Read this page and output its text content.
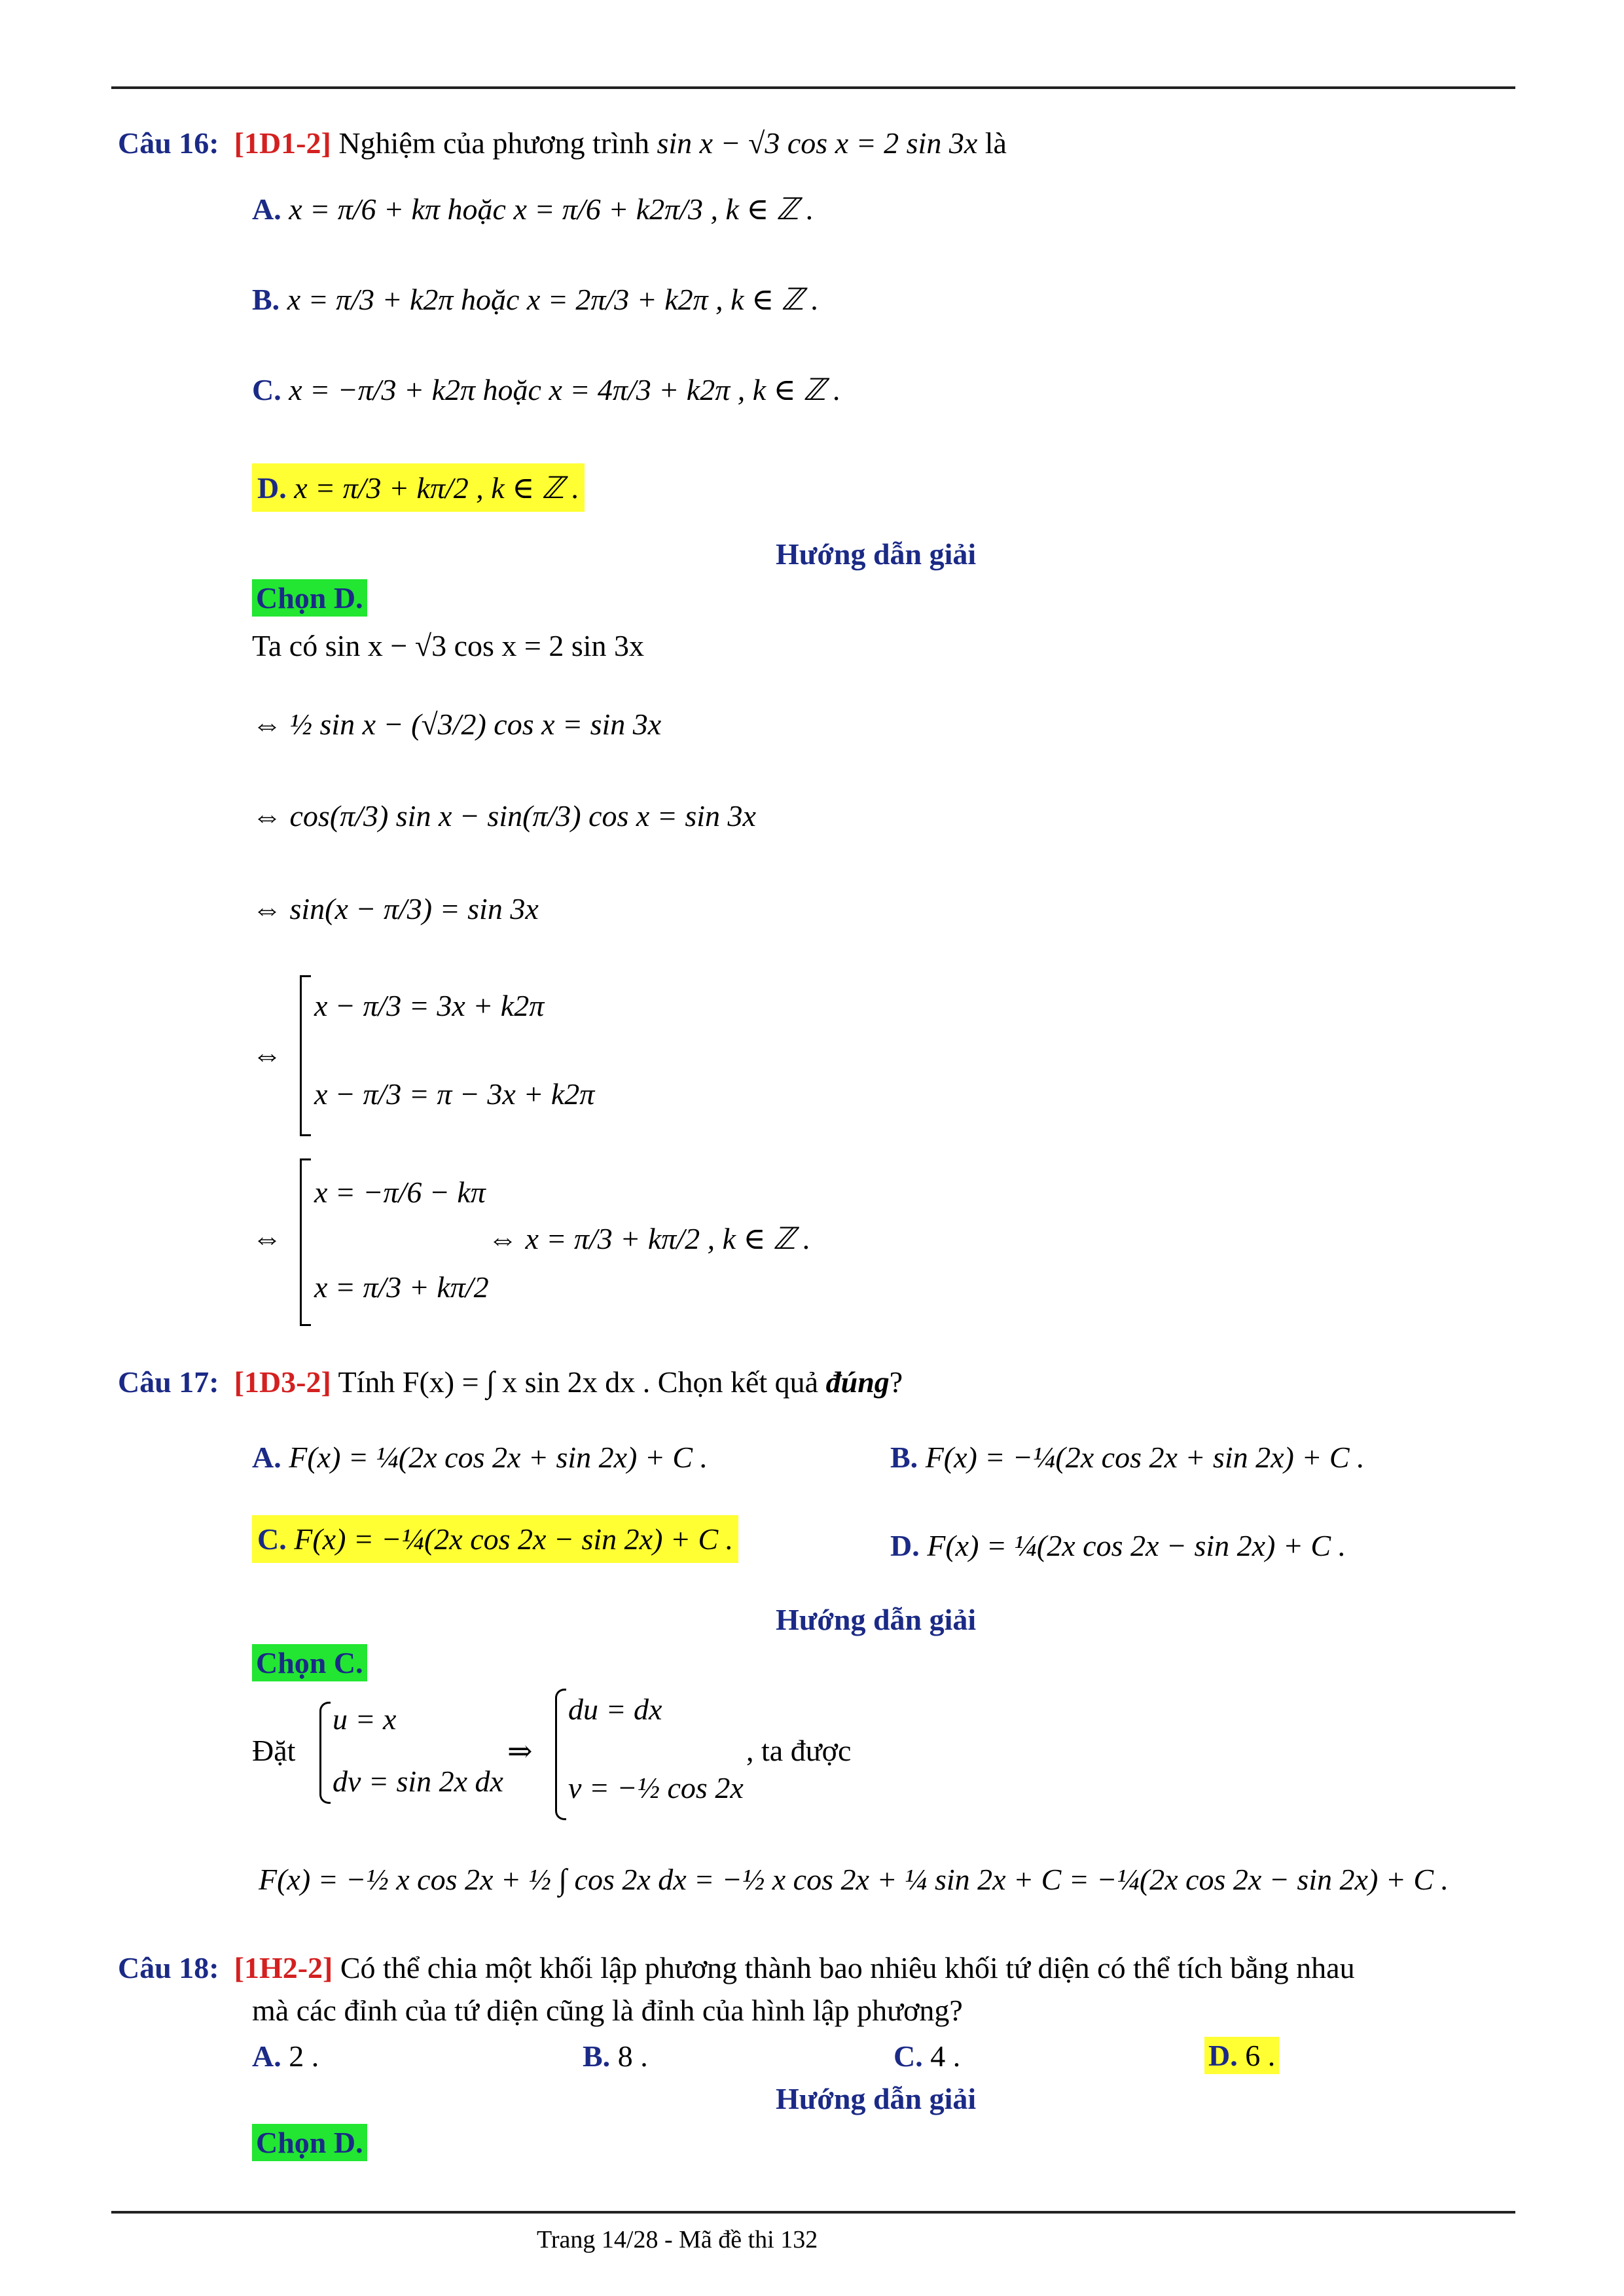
Câu 16: [1D1-2] Nghiệm của phương trình sin x − √3 cos x = 2 sin 3x là
A. x = π/6 + kπ hoặc x = π/6 + k2π/3 , k ∈ ℤ .
B. x = π/3 + k2π hoặc x = 2π/3 + k2π , k ∈ ℤ .
C. x = −π/3 + k2π hoặc x = 4π/3 + k2π , k ∈ ℤ .
D. x = π/3 + kπ/2 , k ∈ ℤ .
Hướng dẫn giải
Chọn D.
Ta có sin x − √3 cos x = 2 sin 3x
⇔ ½ sin x − (√3/2) cos x = sin 3x
⇔ cos(π/3) sin x − sin(π/3) cos x = sin 3x
⇔ sin(x − π/3) = sin 3x
⇔
x − π/3 = 3x + k2π
x − π/3 = π − 3x + k2π
⇔
x = −π/6 − kπ
x = π/3 + kπ/2
⇔ x = π/3 + kπ/2 , k ∈ ℤ .
Câu 17: [1D3-2] Tính F(x) = ∫ x sin 2x dx . Chọn kết quả đúng?
A. F(x) = ¼(2x cos 2x + sin 2x) + C .	B. F(x) = −¼(2x cos 2x + sin 2x) + C .
C. F(x) = −¼(2x cos 2x − sin 2x) + C .	D. F(x) = ¼(2x cos 2x − sin 2x) + C .
Hướng dẫn giải
Chọn C.
Đặt
u = x
dv = sin 2x dx
⇒
du = dx
v = −½ cos 2x
, ta được
F(x) = −½ x cos 2x + ½ ∫ cos 2x dx = −½ x cos 2x + ¼ sin 2x + C = −¼(2x cos 2x − sin 2x) + C .
Câu 18: [1H2-2] Có thể chia một khối lập phương thành bao nhiêu khối tứ diện có thể tích bằng nhau
mà các đỉnh của tứ diện cũng là đỉnh của hình lập phương?
A. 2 .	B. 8 .	C. 4 .	D. 6 .
Hướng dẫn giải
Chọn D.
Trang 14/28 - Mã đề thi 132
